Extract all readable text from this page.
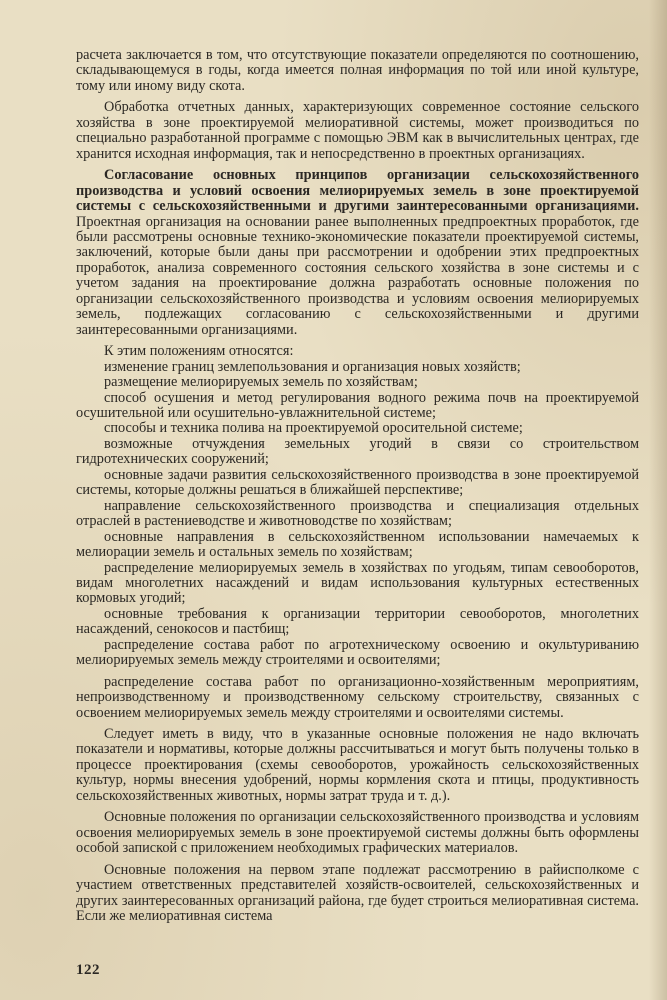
расчета заключается в том, что отсутствующие показатели определяются по соотношению, складывающемуся в годы, когда имеется полная информация по той или иной культуре, тому или иному виду скота.

Обработка отчетных данных, характеризующих современное состояние сельского хозяйства в зоне проектируемой мелиоративной системы, может производиться по специально разработанной программе с помощью ЭВМ как в вычислительных центрах, где хранится исходная информация, так и непосредственно в проектных организациях.

Согласование основных принципов организации сельскохозяйственного производства и условий освоения мелиорируемых земель в зоне проектируемой системы с сельскохозяйственными и другими заинтересованными организациями. Проектная организация на основании ранее выполненных предпроектных проработок, где были рассмотрены основные технико-экономические показатели проектируемой системы, заключений, которые были даны при рассмотрении и одобрении этих предпроектных проработок, анализа современного состояния сельского хозяйства в зоне системы и с учетом задания на проектирование должна разработать основные положения по организации сельскохозяйственного производства и условиям освоения мелиорируемых земель, подлежащих согласованию с сельскохозяйственными и другими заинтересованными организациями.

К этим положениям относятся:

изменение границ землепользования и организация новых хозяйств;

размещение мелиорируемых земель по хозяйствам;

способ осушения и метод регулирования водного режима почв на проектируемой осушительной или осушительно-увлажнительной системе;

способы и техника полива на проектируемой оросительной системе;

возможные отчуждения земельных угодий в связи со строительством гидротехнических сооружений;

основные задачи развития сельскохозяйственного производства в зоне проектируемой системы, которые должны решаться в ближайшей перспективе;

направление сельскохозяйственного производства и специализация отдельных отраслей в растениеводстве и животноводстве по хозяйствам;

основные направления в сельскохозяйственном использовании намечаемых к мелиорации земель и остальных земель по хозяйствам;

распределение мелиорируемых земель в хозяйствах по угодьям, типам севооборотов, видам многолетних насаждений и видам использования культурных естественных кормовых угодий;

основные требования к организации территории севооборотов, многолетних насаждений, сенокосов и пастбищ;

распределение состава работ по агротехническому освоению и окультуриванию мелиорируемых земель между строителями и освоителями;

распределение состава работ по организационно-хозяйственным мероприятиям, непроизводственному и производственному сельскому строительству, связанных с освоением мелиорируемых земель между строителями и освоителями системы.

Следует иметь в виду, что в указанные основные положения не надо включать показатели и нормативы, которые должны рассчитываться и могут быть получены только в процессе проектирования (схемы севооборотов, урожайность сельскохозяйственных культур, нормы внесения удобрений, нормы кормления скота и птицы, продуктивность сельскохозяйственных животных, нормы затрат труда и т. д.).

Основные положения по организации сельскохозяйственного производства и условиям освоения мелиорируемых земель в зоне проектируемой системы должны быть оформлены особой запиской с приложением необходимых графических материалов.

Основные положения на первом этапе подлежат рассмотрению в райисполкоме с участием ответственных представителей хозяйств-освоителей, сельскохозяйственных и других заинтересованных организаций района, где будет строиться мелиоративная система. Если же мелиоративная система

122
